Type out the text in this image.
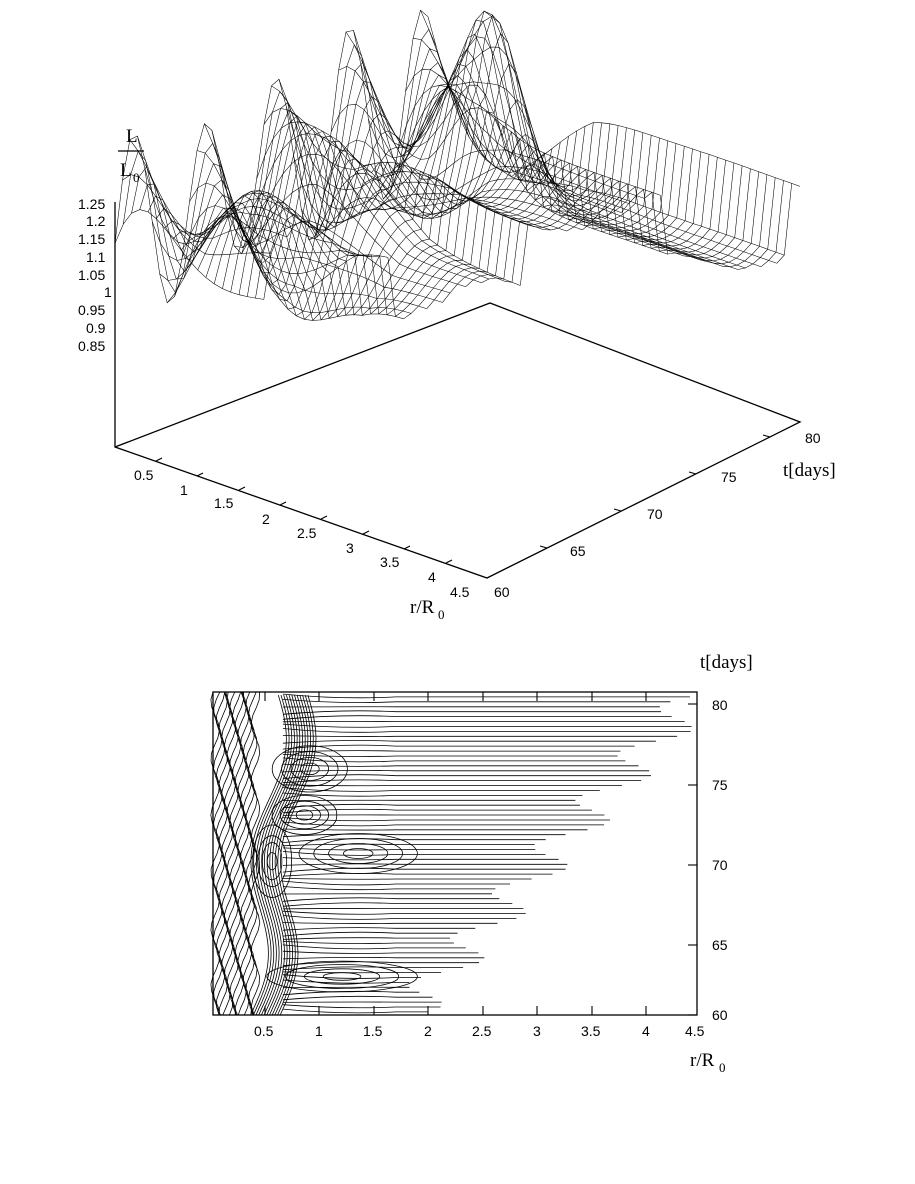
L
L 0
1.25
1.2
1.15
1.1
1.05
1
0.95
0.9
0.85
0.5
1
1.5
2
2.5
3
3.5
4
4.5
r/R 0
60
65
70
75
80
t[days]
t[days]
60
65
70
75
80
0.5	1	1.5	2	2.5	3	3.5	4	4.5
r/R 0
